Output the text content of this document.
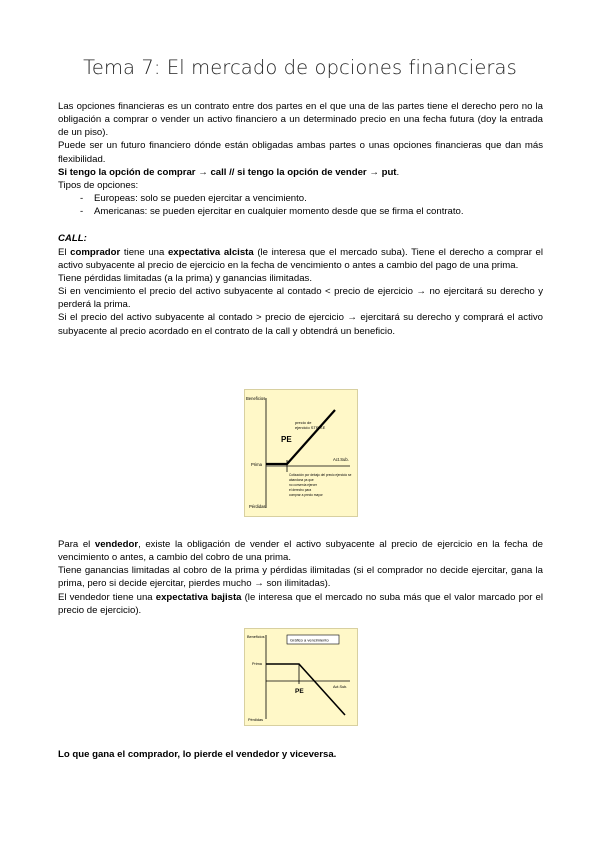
Tema 7: El mercado de opciones financieras

Las opciones financieras es un contrato entre dos partes en el que una de las partes tiene el derecho pero no la obligación a comprar o vender un activo financiero a un determinado precio en una fecha futura (doy la entrada de un piso).

Puede ser un futuro financiero dónde están obligadas ambas partes o unas opciones financieras que dan más flexibilidad.

Si tengo la opción de comprar → call // si tengo la opción de vender → put.

Tipos de opciones:

- Europeas: solo se pueden ejercitar a vencimiento.
- Americanas: se pueden ejercitar en cualquier momento desde que se firma el contrato.

CALL:

El comprador tiene una expectativa alcista (le interesa que el mercado suba). Tiene el derecho a comprar el activo subyacente al precio de ejercicio en la fecha de vencimiento o antes a cambio del pago de una prima.

Tiene pérdidas limitadas (a la prima) y ganancias ilimitadas.

Si en vencimiento el precio del activo subyacente al contado < precio de ejercicio → no ejercitará su derecho y perderá la prima.

Si el precio del activo subyacente al contado > precio de ejercicio → ejercitará su derecho y comprará el activo subyacente al precio acordado en el contrato de la call y obtendrá un beneficio.

Beneficios
Pérdidas
Prima
Act.Sub.
precio de
ejercicio STRIKE
PE
Cotización por debajo del precio ejercicio se
abandona ya que
no convenía ejercer
el derecho para
comprar a precio mayor

Para el vendedor, existe la obligación de vender el activo subyacente al precio de ejercicio en la fecha de vencimiento o antes, a cambio del cobro de una prima.

Tiene ganancias limitadas al cobro de la prima y pérdidas ilimitadas (si el comprador no decide ejercitar, gana la prima, pero si decide ejercitar, pierdes mucho → son ilimitadas).

El vendedor tiene una expectativa bajista (le interesa que el mercado no suba más que el valor marcado por el precio de ejercicio).

Beneficios
Pérdidas
Prima
Act.Sub.
Gráfico a vencimiento
PE
Lo que gana el comprador, lo pierde el vendedor y viceversa.
